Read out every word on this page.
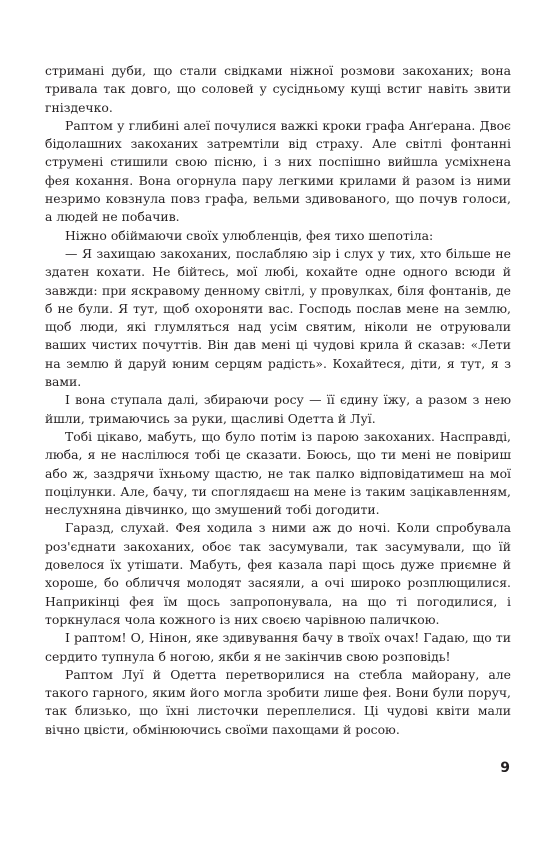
стримані дуби, що стали свідками ніжної розмови закоханих; вона тривала так довго, що соловей у сусідньому кущі встиг навіть звити гніздечко.

Раптом у глибині алеї почулися важкі кроки графа Анґерана. Двоє бідолашних закоханих затремтіли від страху. Але світлі фонтанні струмені стишили свою пісню, і з них поспішно вийшла усміхнена фея кохання. Вона огорнула пару легкими крилами й разом із ними незримо ковзнула повз графа, вельми здивованого, що почув голоси, а людей не побачив.

Ніжно обіймаючи своїх улюбленців, фея тихо шепотіла:

— Я захищаю закоханих, послабляю зір і слух у тих, хто більше не здатен кохати. Не бійтесь, мої любі, кохайте одне одного всюди й завжди: при яскравому денному світлі, у провулках, біля фонтанів, де б не були. Я тут, щоб охороняти вас. Господь послав мене на землю, щоб люди, які глумляться над усім святим, ніколи не отруювали ваших чистих почуттів. Він дав мені ці чудові крила й сказав: «Лети на землю й даруй юним серцям радість». Кохайтеся, діти, я тут, я з вами.

І вона ступала далі, збираючи росу — її єдину їжу, а разом з нею йшли, тримаючись за руки, щасливі Одетта й Луї.

Тобі цікаво, мабуть, що було потім із парою закоханих. Насправді, люба, я не наслілюся тобі це сказати. Боюсь, що ти мені не повіриш або ж, заздрячи їхньому щастю, не так палко відповідатимеш на мої поцілунки. Але, бачу, ти споглядаєш на мене із таким зацікавленням, неслухняна дівчинко, що змушений тобі догодити.

Гаразд, слухай. Фея ходила з ними аж до ночі. Коли спробувала роз'єднати закоханих, обоє так засумували, так засумували, що їй довелося їх утішати. Мабуть, фея казала парі щось дуже приємне й хороше, бо обличчя молодят засяяли, а очі широко розплющилися. Наприкінці фея їм щось запропонувала, на що ті погодилися, і торкнулася чола кожного із них своєю чарівною паличкою.

І раптом! О, Нінон, яке здивування бачу в твоїх очах! Гадаю, що ти сердито тупнула б ногою, якби я не закінчив свою розповідь!

Раптом Луї й Одетта перетворилися на стебла майорану, але такого гарного, яким його могла зробити лише фея. Вони були поруч, так близько, що їхні листочки переплелися. Ці чудові квіти мали вічно цвісти, обмінюючись своїми пахощами й росою.

9
